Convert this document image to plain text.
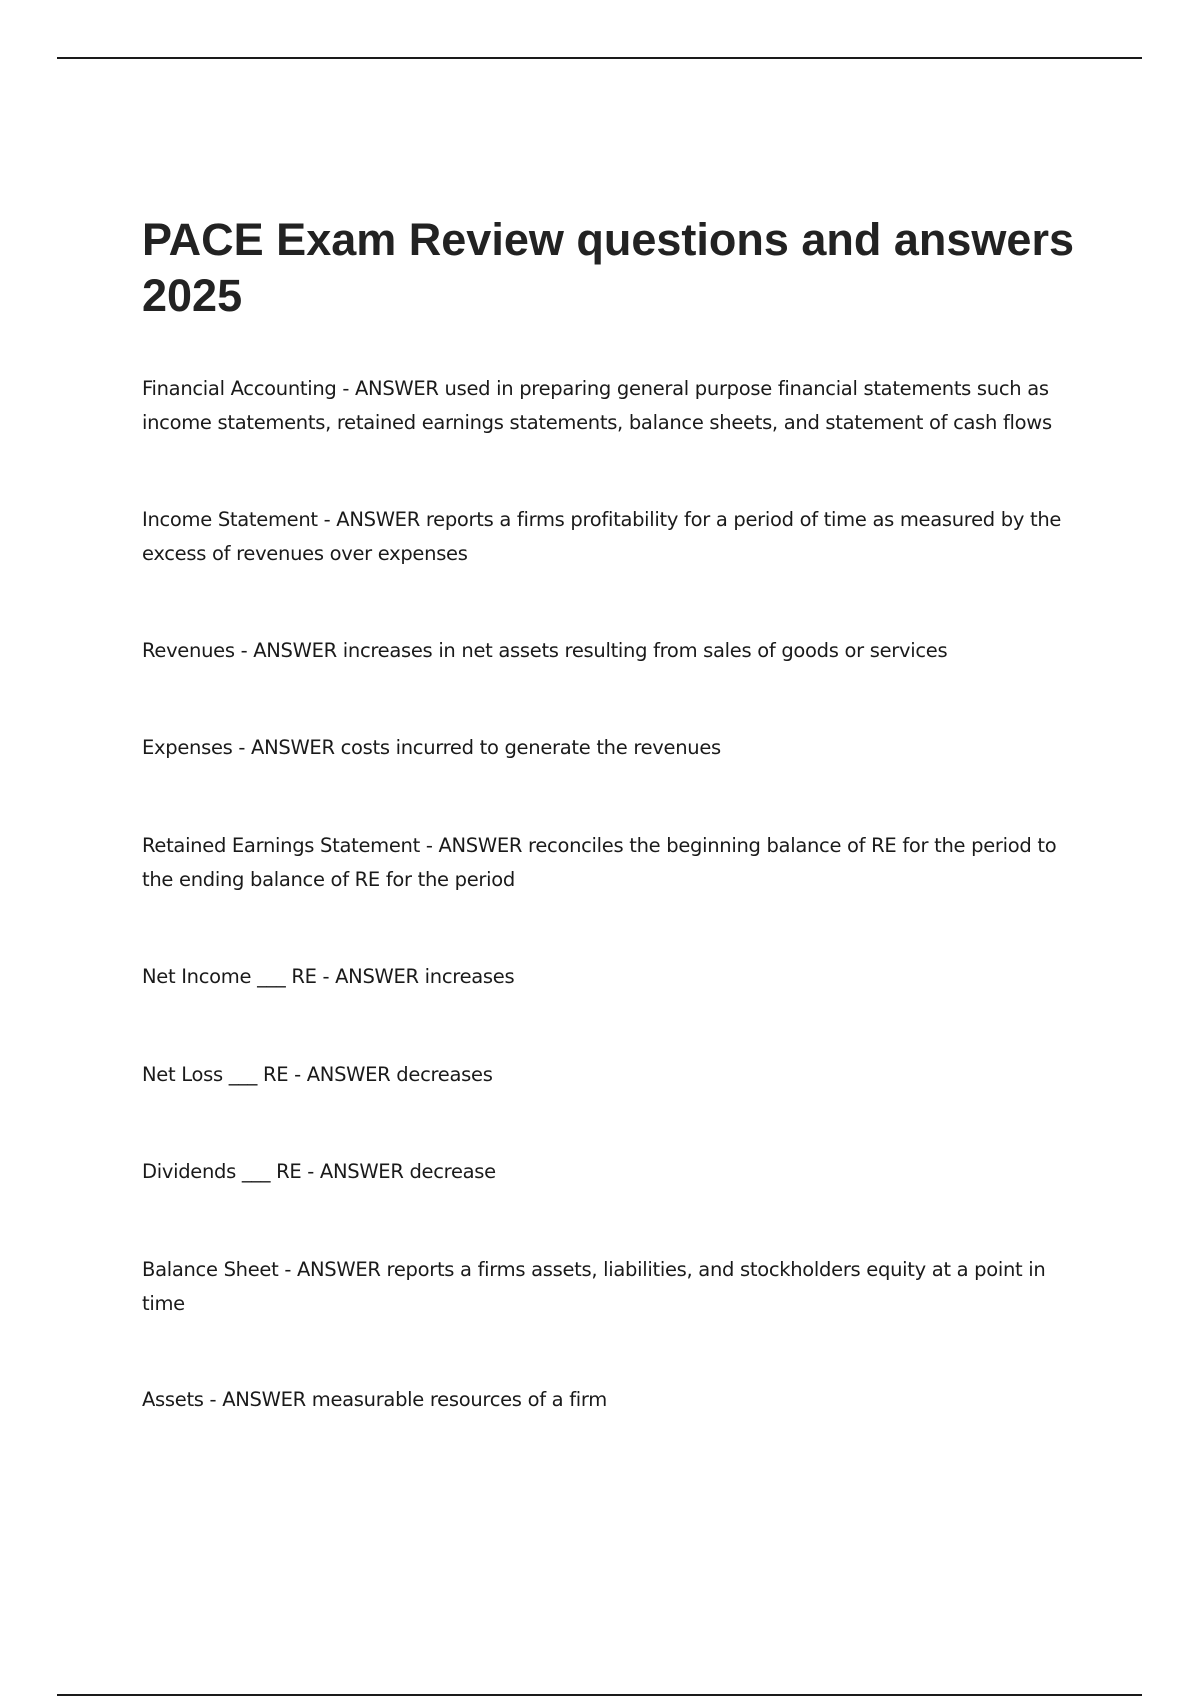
PACE Exam Review questions and answers 2025

Financial Accounting - ANSWER used in preparing general purpose financial statements such as income statements, retained earnings statements, balance sheets, and statement of cash flows

Income Statement - ANSWER reports a firms profitability for a period of time as measured by the excess of revenues over expenses

Revenues - ANSWER increases in net assets resulting from sales of goods or services

Expenses - ANSWER costs incurred to generate the revenues

Retained Earnings Statement - ANSWER reconciles the beginning balance of RE for the period to the ending balance of RE for the period

Net Income ___ RE - ANSWER increases

Net Loss ___ RE - ANSWER decreases

Dividends ___ RE - ANSWER decrease

Balance Sheet - ANSWER reports a firms assets, liabilities, and stockholders equity at a point in time

Assets - ANSWER measurable resources of a firm
